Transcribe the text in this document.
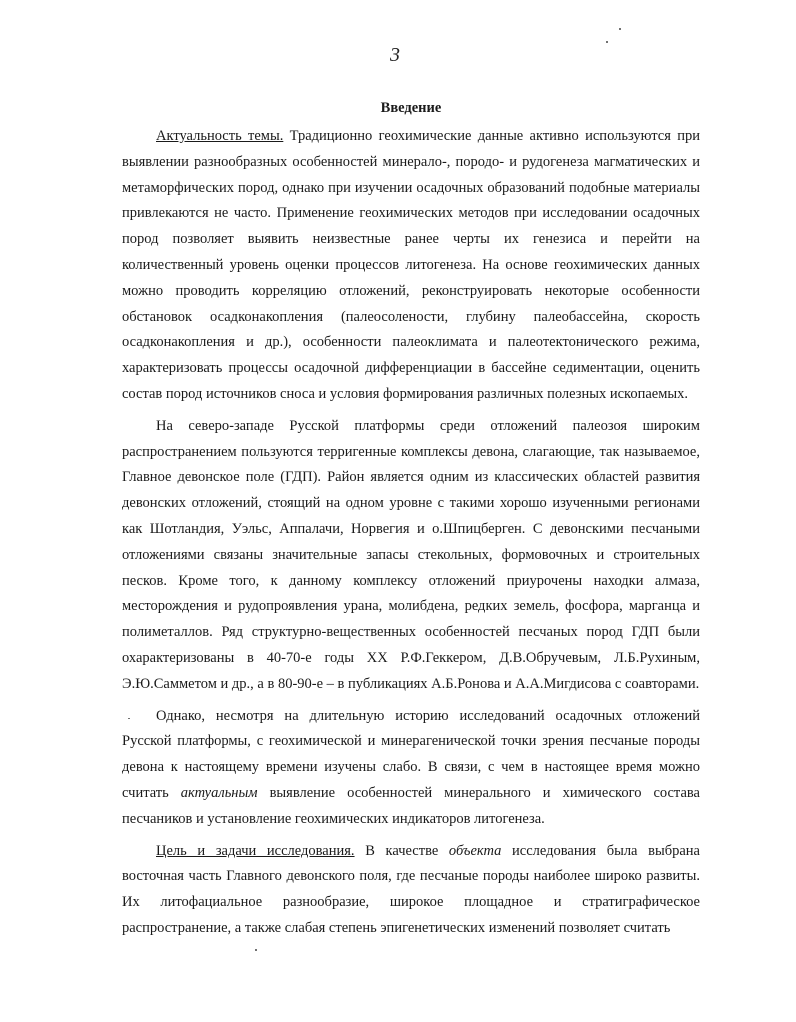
3
Введение

Актуальность темы. Традиционно геохимические данные активно используются при выявлении разнообразных особенностей минерало-, породо- и рудогенеза магматических и метаморфических пород, однако при изучении осадочных образований подобные материалы привлекаются не часто. Применение геохимических методов при исследовании осадочных пород позволяет выявить неизвестные ранее черты их генезиса и перейти на количественный уровень оценки процессов литогенеза. На основе геохимических данных можно проводить корреляцию отложений, реконструировать некоторые особенности обстановок осадконакопления (палеосолености, глубину палеобассейна, скорость осадконакопления и др.), особенности палеоклимата и палеотектонического режима, характеризовать процессы осадочной дифференциации в бассейне седиментации, оценить состав пород источников сноса и условия формирования различных полезных ископаемых.

На северо-западе Русской платформы среди отложений палеозоя широким распространением пользуются терригенные комплексы девона, слагающие, так называемое, Главное девонское поле (ГДП). Район является одним из классических областей развития девонских отложений, стоящий на одном уровне с такими хорошо изученными регионами как Шотландия, Уэльс, Аппалачи, Норвегия и о.Шпицберген. С девонскими песчаными отложениями связаны значительные запасы стекольных, формовочных и строительных песков. Кроме того, к данному комплексу отложений приурочены находки алмаза, месторождения и рудопроявления урана, молибдена, редких земель, фосфора, марганца и полиметаллов. Ряд структурно-вещественных особенностей песчаных пород ГДП были охарактеризованы в 40-70-е годы XX Р.Ф.Геккером, Д.В.Обручевым, Л.Б.Рухиным, Э.Ю.Самметом и др., а в 80-90-е – в публикациях А.Б.Ронова и А.А.Мигдисова с соавторами.

Однако, несмотря на длительную историю исследований осадочных отложений Русской платформы, с геохимической и минерагенической точки зрения песчаные породы девона к настоящему времени изучены слабо. В связи, с чем в настоящее время можно считать актуальным выявление особенностей минерального и химического состава песчаников и установление геохимических индикаторов литогенеза.

Цель и задачи исследования. В качестве объекта исследования была выбрана восточная часть Главного девонского поля, где песчаные породы наиболее широко развиты. Их литофациальное разнообразие, широкое площадное и стратиграфическое распространение, а также слабая степень эпигенетических изменений позволяет считать
